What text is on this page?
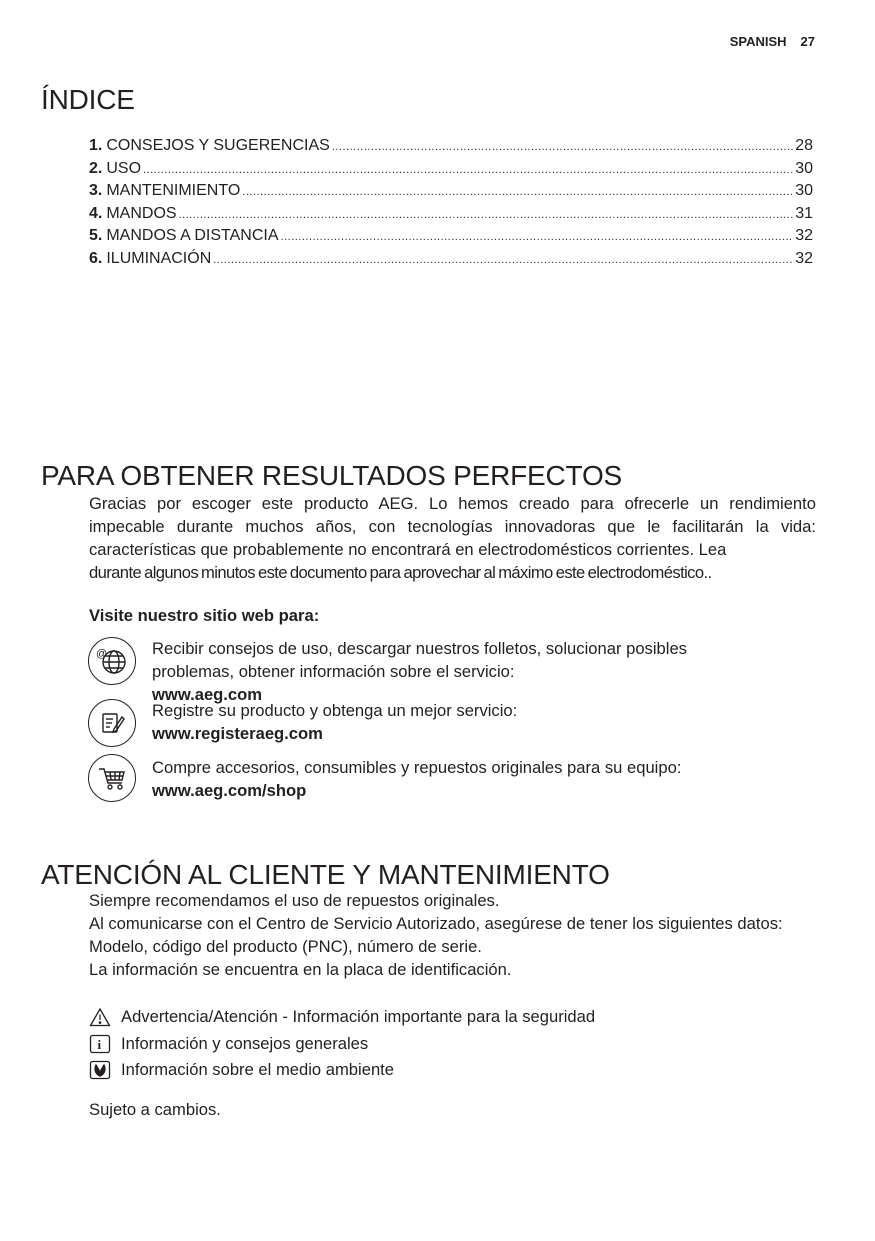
SPANISH 27
ÍNDICE
1. CONSEJOS Y SUGERENCIAS .....	28
2. USO .....	30
3. MANTENIMIENTO .....	30
4. MANDOS .....	31
5. MANDOS A DISTANCIA .....	32
6. ILUMINACIÓN .....	32
PARA OBTENER RESULTADOS PERFECTOS

Gracias por escoger este producto AEG. Lo hemos creado para ofrecerle un rendimiento impecable durante muchos años, con tecnologías innovadoras que le facilitarán la vida: características que probablemente no encontrará en electrodomésticos corrientes. Lea

durante algunos minutos este documento para aprovechar al máximo este electrodoméstico..

Visite nuestro sitio web para:

@	Recibir consejos de uso, descargar nuestros folletos, solucionar posibles problemas, obtener información sobre el servicio:
www.aeg.com
Registre su producto y obtenga un mejor servicio:
www.registeraeg.com
Compre accesorios, consumibles y repuestos originales para su equipo:
www.aeg.com/shop
ATENCIÓN AL CLIENTE Y MANTENIMIENTO

Siempre recomendamos el uso de repuestos originales.

Al comunicarse con el Centro de Servicio Autorizado, asegúrese de tener los siguientes datos: Modelo, código del producto (PNC), número de serie.

La información se encuentra en la placa de identificación.

Advertencia/Atención - Información importante para la seguridad
i Información y consejos generales
Información sobre el medio ambiente

Sujeto a cambios.
